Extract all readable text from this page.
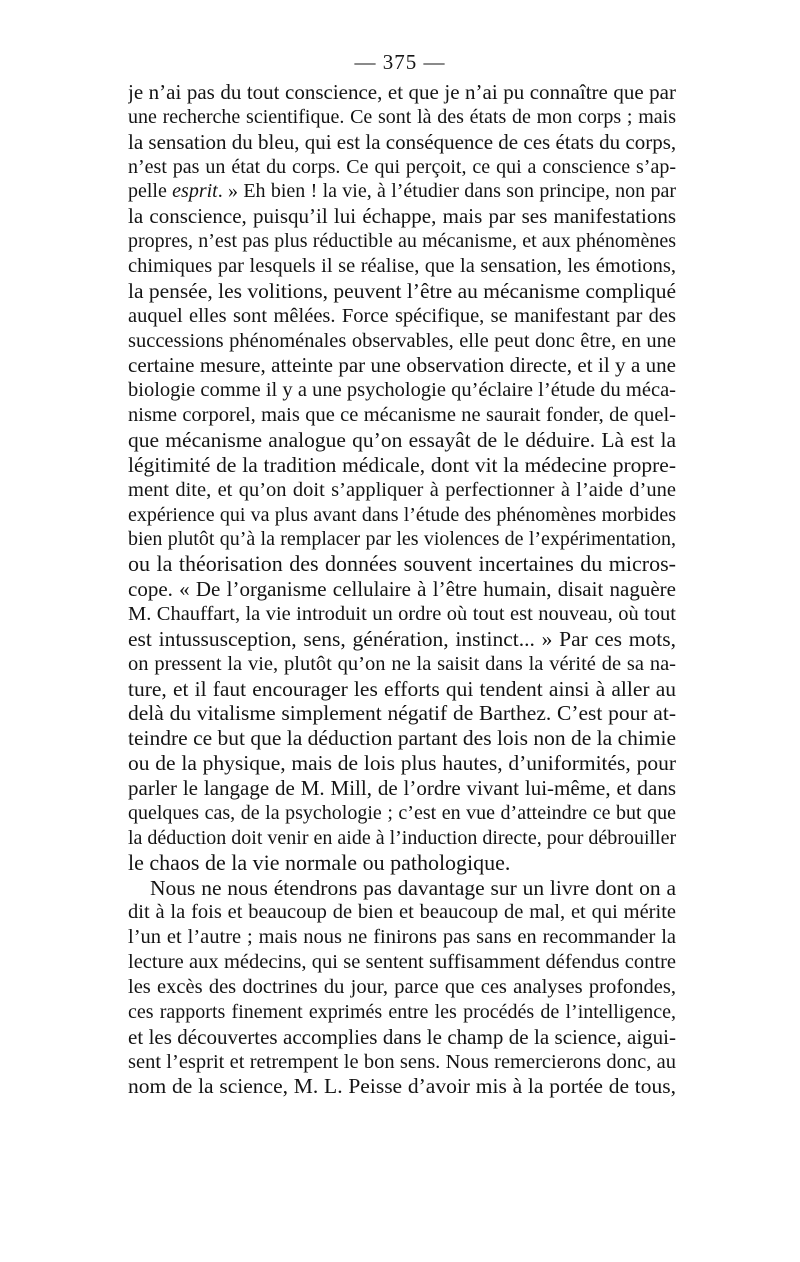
— 375 —
je n’ai pas du tout conscience, et que je n’ai pu connaître que par
une recherche scientifique. Ce sont là des états de mon corps ; mais
la sensation du bleu, qui est la conséquence de ces états du corps,
n’est pas un état du corps. Ce qui perçoit, ce qui a conscience s’ap-
pelle esprit. » Eh bien ! la vie, à l’étudier dans son principe, non par
la conscience, puisqu’il lui échappe, mais par ses manifestations
propres, n’est pas plus réductible au mécanisme, et aux phénomènes
chimiques par lesquels il se réalise, que la sensation, les émotions,
la pensée, les volitions, peuvent l’être au mécanisme compliqué
auquel elles sont mêlées. Force spécifique, se manifestant par des
successions phénoménales observables, elle peut donc être, en une
certaine mesure, atteinte par une observation directe, et il y a une
biologie comme il y a une psychologie qu’éclaire l’étude du méca-
nisme corporel, mais que ce mécanisme ne saurait fonder, de quel-
que mécanisme analogue qu’on essayât de le déduire. Là est la
légitimité de la tradition médicale, dont vit la médecine propre-
ment dite, et qu’on doit s’appliquer à perfectionner à l’aide d’une
expérience qui va plus avant dans l’étude des phénomènes morbides
bien plutôt qu’à la remplacer par les violences de l’expérimentation,
ou la théorisation des données souvent incertaines du micros-
cope. « De l’organisme cellulaire à l’être humain, disait naguère
M. Chauffart, la vie introduit un ordre où tout est nouveau, où tout
est intussusception, sens, génération, instinct... » Par ces mots,
on pressent la vie, plutôt qu’on ne la saisit dans la vérité de sa na-
ture, et il faut encourager les efforts qui tendent ainsi à aller au
delà du vitalisme simplement négatif de Barthez. C’est pour at-
teindre ce but que la déduction partant des lois non de la chimie
ou de la physique, mais de lois plus hautes, d’uniformités, pour
parler le langage de M. Mill, de l’ordre vivant lui-même, et dans
quelques cas, de la psychologie ; c’est en vue d’atteindre ce but que
la déduction doit venir en aide à l’induction directe, pour débrouiller
le chaos de la vie normale ou pathologique.
Nous ne nous étendrons pas davantage sur un livre dont on a
dit à la fois et beaucoup de bien et beaucoup de mal, et qui mérite
l’un et l’autre ; mais nous ne finirons pas sans en recommander la
lecture aux médecins, qui se sentent suffisamment défendus contre
les excès des doctrines du jour, parce que ces analyses profondes,
ces rapports finement exprimés entre les procédés de l’intelligence,
et les découvertes accomplies dans le champ de la science, aigui-
sent l’esprit et retrempent le bon sens. Nous remercierons donc, au
nom de la science, M. L. Peisse d’avoir mis à la portée de tous,
